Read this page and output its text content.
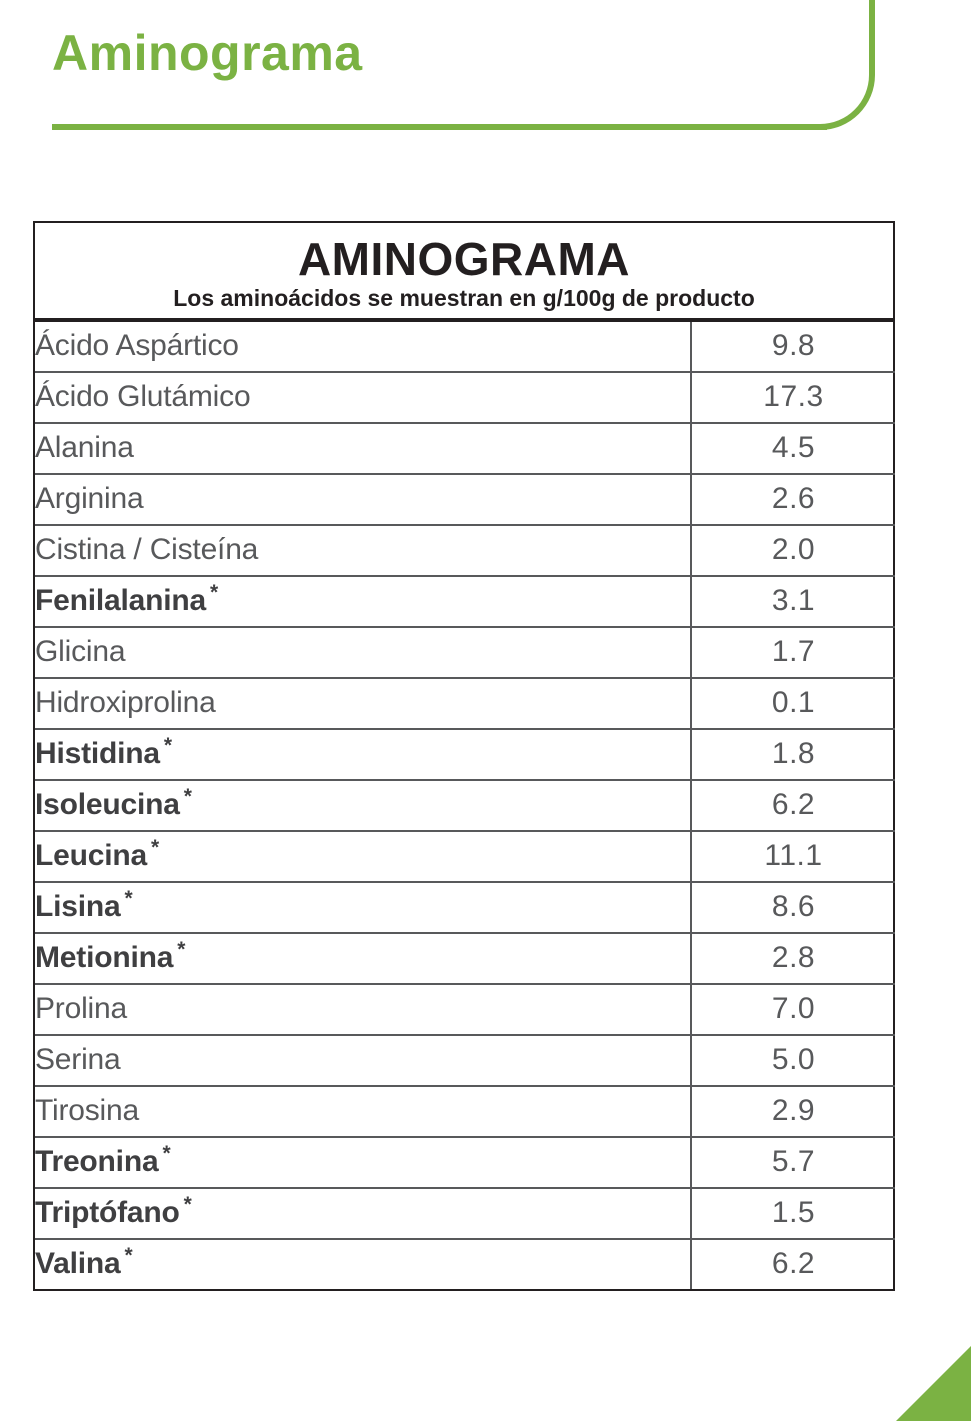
Aminograma
AMINOGRAMA
Los aminoácidos se muestran en g/100g de producto
Ácido Aspártico	9.8
Ácido Glutámico	17.3
Alanina	4.5
Arginina	2.6
Cistina / Cisteína	2.0
Fenilalanina *	3.1
Glicina	1.7
Hidroxiprolina	0.1
Histidina *	1.8
Isoleucina *	6.2
Leucina *	11.1
Lisina *	8.6
Metionina *	2.8
Prolina	7.0
Serina	5.0
Tirosina	2.9
Treonina *	5.7
Triptófano *	1.5
Valina *	6.2
